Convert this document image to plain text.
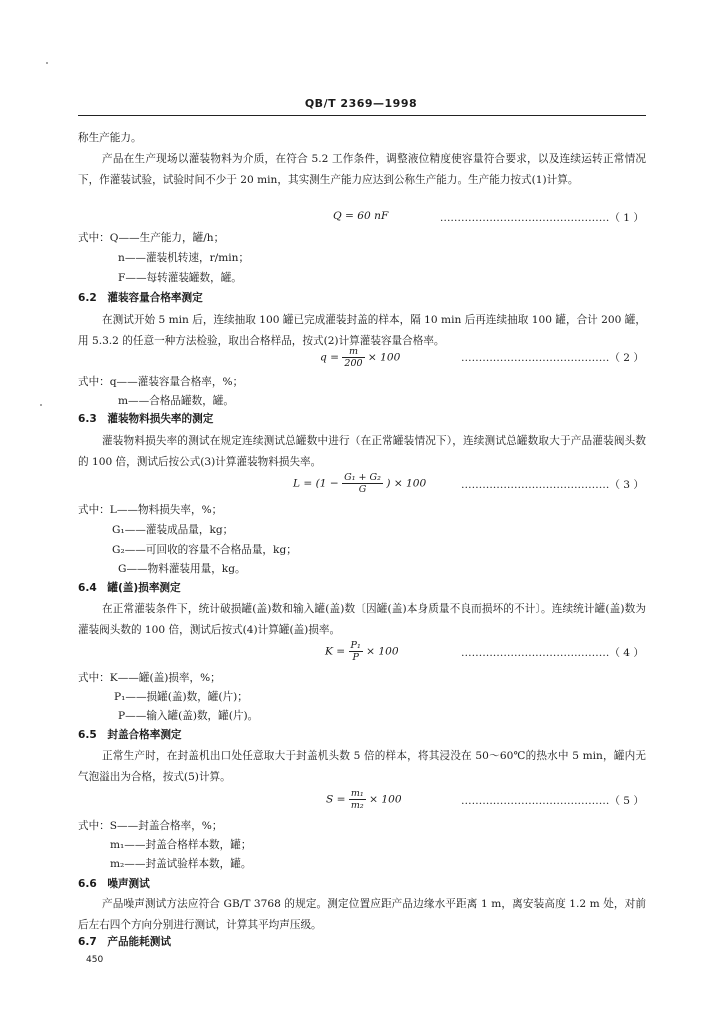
QB/T 2369—1998
称生产能力。
产品在生产现场以灌装物料为介质，在符合 5.2 工作条件，调整液位精度使容量符合要求，以及连续运转正常情况下，作灌装试验，试验时间不少于 20 min，其实测生产能力应达到公称生产能力。生产能力按式(1)计算。
Q = 60 nF	…………………………………………（ 1 ）
式中：Q——生产能力，罐/h；
n——灌装机转速，r/min；
F——每转灌装罐数，罐。
6.2　灌装容量合格率测定
在测试开始 5 min 后，连续抽取 100 罐已完成灌装封盖的样本，隔 10 min 后再连续抽取 100 罐，合计 200 罐，用 5.3.2 的任意一种方法检验，取出合格样品，按式(2)计算灌装容量合格率。
$q = \frac{m}{200} \times 100$	……………………………………（ 2 ）
式中：q——灌装容量合格率，%；
m——合格品罐数，罐。
6.3　灌装物料损失率的测定
灌装物料损失率的测试在规定连续测试总罐数中进行（在正常罐装情况下），连续测试总罐数取大于产品灌装阀头数的 100 倍，测试后按公式(3)计算灌装物料损失率。
$L = (1 - \frac{\text{G₁ + G₂}}{G}$ ) × 100	……………………………………（ 3 ）
式中：L——物料损失率，%；
G₁——灌装成品量，kg；
G₂——可回收的容量不合格品量，kg；
G——物料灌装用量，kg。
6.4　罐(盖)损率测定
在正常灌装条件下，统计破损罐(盖)数和输入罐(盖)数〔因罐(盖)本身质量不良而损坏的不计〕。连续统计罐(盖)数为灌装阀头数的 100 倍，测试后按式(4)计算罐(盖)损率。
$K = \frac{\text{P₁}}{P} \times 100$	……………………………………（ 4 ）
式中：K——罐(盖)损率，%；
P₁——损罐(盖)数，罐(片)；
P——输入罐(盖)数，罐(片)。
6.5　封盖合格率测定
正常生产时，在封盖机出口处任意取大于封盖机头数 5 倍的样本，将其浸没在 50～60℃的热水中 5 min，罐内无气泡溢出为合格，按式(5)计算。
$S = \frac{\text{m₁}}{\text{m₂}} \times 100$	……………………………………（ 5 ）
式中：S——封盖合格率，%；
m₁——封盖合格样本数，罐；
m₂——封盖试验样本数，罐。
6.6　噪声测试
产品噪声测试方法应符合 GB/T 3768 的规定。测定位置应距产品边缘水平距离 1 m，离安装高度 1.2 m 处，对前后左右四个方向分别进行测试，计算其平均声压级。
6.7　产品能耗测试
450
